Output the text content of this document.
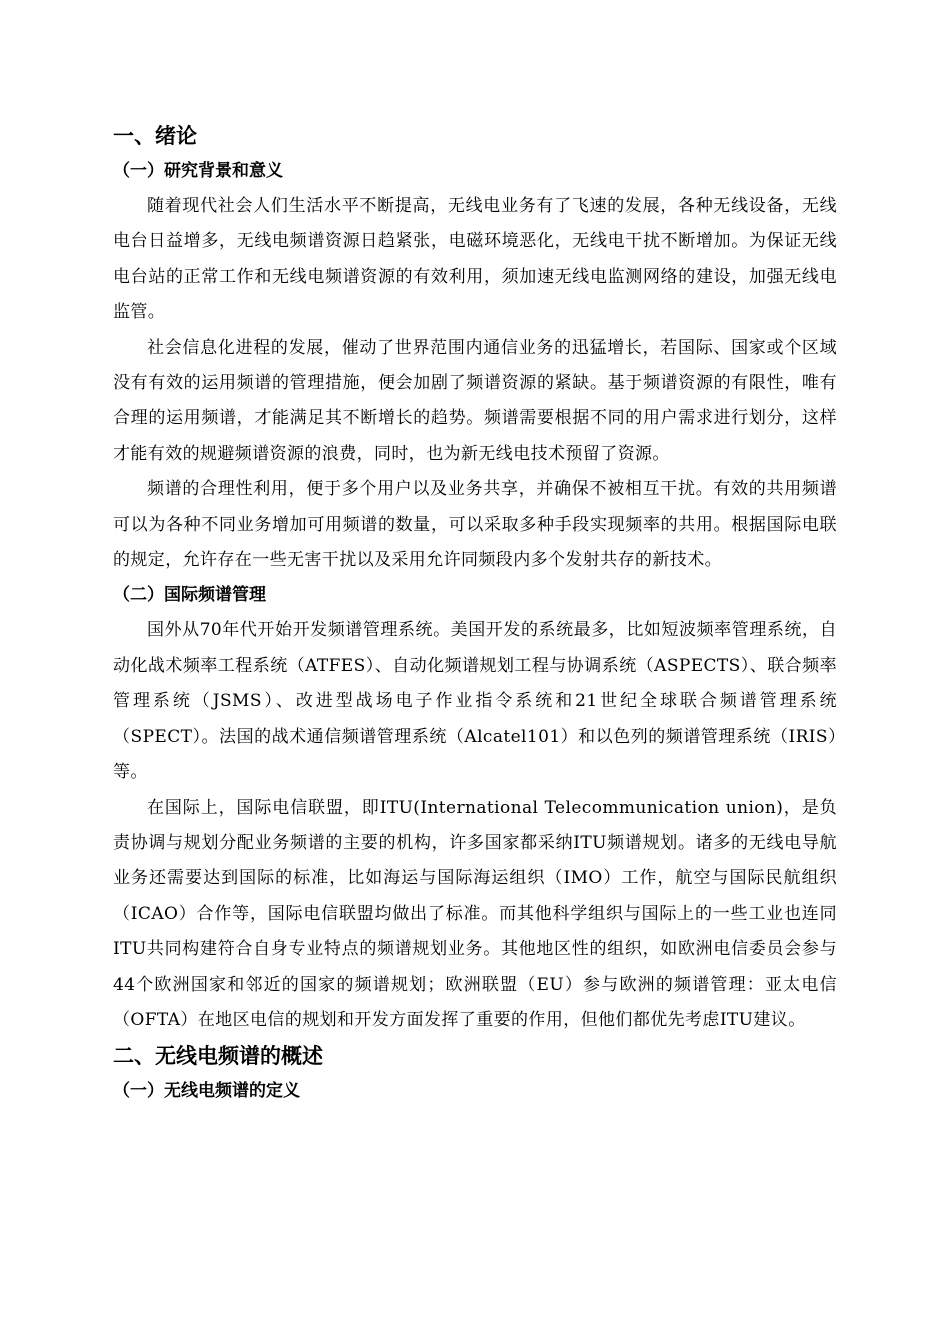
一、绪论
（一）研究背景和意义

随着现代社会人们生活水平不断提高，无线电业务有了飞速的发展，各种无线设备，无线电台日益增多，无线电频谱资源日趋紧张，电磁环境恶化，无线电干扰不断增加。为保证无线电台站的正常工作和无线电频谱资源的有效利用，须加速无线电监测网络的建设，加强无线电监管。

社会信息化进程的发展，催动了世界范围内通信业务的迅猛增长，若国际、国家或个区域没有有效的运用频谱的管理措施，便会加剧了频谱资源的紧缺。基于频谱资源的有限性，唯有合理的运用频谱，才能满足其不断增长的趋势。频谱需要根据不同的用户需求进行划分，这样才能有效的规避频谱资源的浪费，同时，也为新无线电技术预留了资源。

频谱的合理性利用，便于多个用户以及业务共享，并确保不被相互干扰。有效的共用频谱可以为各种不同业务增加可用频谱的数量，可以采取多种手段实现频率的共用。根据国际电联的规定，允许存在一些无害干扰以及采用允许同频段内多个发射共存的新技术。

（二）国际频谱管理

国外从70年代开始开发频谱管理系统。美国开发的系统最多，比如短波频率管理系统，自动化战术频率工程系统（ATFES）、自动化频谱规划工程与协调系统（ASPECTS）、联合频率管理系统（JSMS）、改进型战场电子作业指令系统和21世纪全球联合频谱管理系统（SPECT）。法国的战术通信频谱管理系统（Alcatel101）和以色列的频谱管理系统（IRIS）等。

在国际上，国际电信联盟，即ITU(International Telecommunication union)，是负责协调与规划分配业务频谱的主要的机构，许多国家都采纳ITU频谱规划。诸多的无线电导航业务还需要达到国际的标准，比如海运与国际海运组织（IMO）工作，航空与国际民航组织（ICAO）合作等，国际电信联盟均做出了标准。而其他科学组织与国际上的一些工业也连同ITU共同构建符合自身专业特点的频谱规划业务。其他地区性的组织，如欧洲电信委员会参与44个欧洲国家和邻近的国家的频谱规划；欧洲联盟（EU）参与欧洲的频谱管理：亚太电信（OFTA）在地区电信的规划和开发方面发挥了重要的作用，但他们都优先考虑ITU建议。

二、无线电频谱的概述
（一）无线电频谱的定义
